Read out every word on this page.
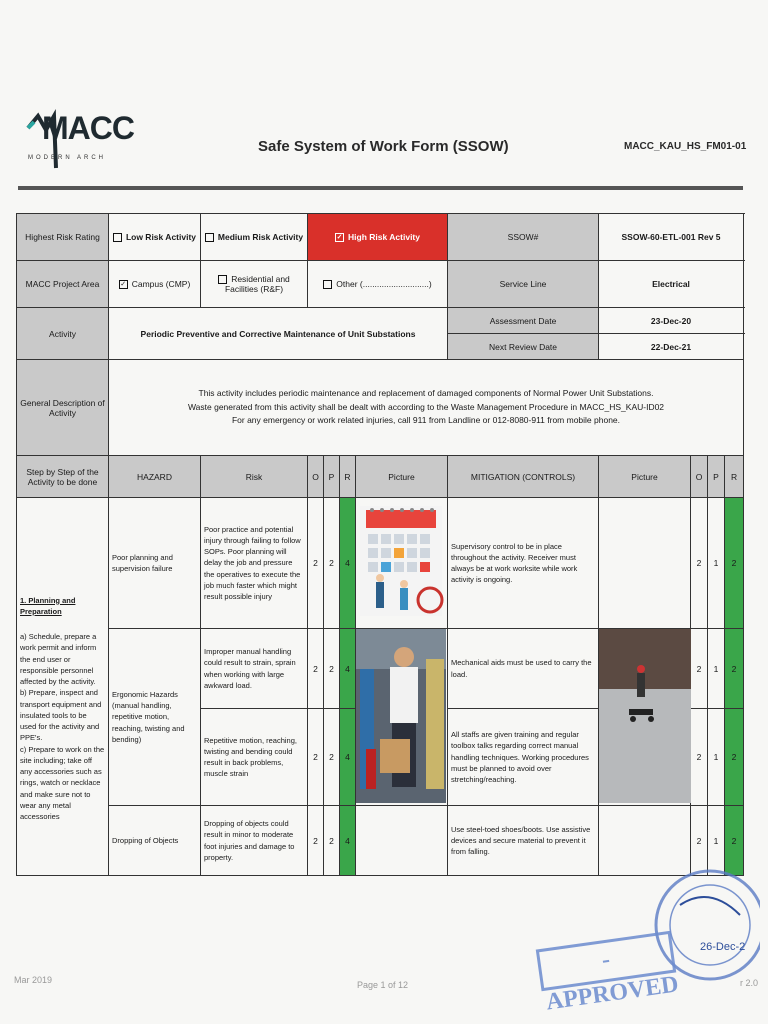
MACC
MODERN ARCH
Safe System of Work Form (SSOW)	MACC_KAU_HS_FM01-01
Highest Risk Rating	Low Risk Activity	Medium Risk Activity	✓ High Risk Activity				SSOW#	SSOW-60-ETL-001 Rev 5			
MACC Project Area	✓ Campus (CMP)	Residential and Facilities (R&F)	Other (............................)				Service Line	Electrical			
Activity	Periodic Preventive and Corrective Maintenance of Unit Substations						Assessment Date	23-Dec-20			
							Next Review Date	22-Dec-21			
General Description of Activity	This activity includes periodic maintenance and replacement of damaged components of Normal Power Unit Substations.
Waste generated from this activity shall be dealt with according to the Waste Management Procedure in MACC_HS_KAU-ID02
For any emergency or work related injuries, call 911 from Landline or 012-8080-911 from mobile phone.										

Step by Step of the Activity to be done	HAZARD	Risk	O	P	R	Picture	MITIGATION (CONTROLS)	Picture	O	P	R

1. Planning and Preparation
a) Schedule, prepare a work permit and inform the end user or responsible personnel affected by the activity.
b) Prepare, inspect and transport equipment and insulated tools to be used for the activity and PPE's.
c) Prepare to work on the site including; take off any accessories such as rings, watch or necklace and make sure not to wear any metal accessories	Poor planning and supervision failure	Poor practice and potential injury through failing to follow SOPs. Poor planning will delay the job and pressure the operatives to execute the job much faster which might result possible injury	2	2	4		Supervisory control to be in place throughout the activity. Receiver must always be at work worksite while work activity is ongoing.		2	1	2
	Ergonomic Hazards (manual handling, repetitive motion, reaching, twisting and bending)	Improper manual handling could result to strain, sprain when working with large awkward load.	2	2	4		Mechanical aids must be used to carry the load.		2	1	2
		Repetitive motion, reaching, twisting and bending could result in back problems, muscle strain	2	2	4		All staffs are given training and regular toolbox talks regarding correct manual handling techniques. Working procedures must be planned to avoid over stretching/reaching.		2	1	2
	Dropping of Objects	Dropping of objects could result in minor to moderate foot injuries and damage to property.	2	2	4		Use steel-toed shoes/boots. Use assistive devices and secure material to prevent it from falling.		2	1	2
Mar 2019	Page 1 of 12	r 2.0
26-Dec-2
-APPROVED
